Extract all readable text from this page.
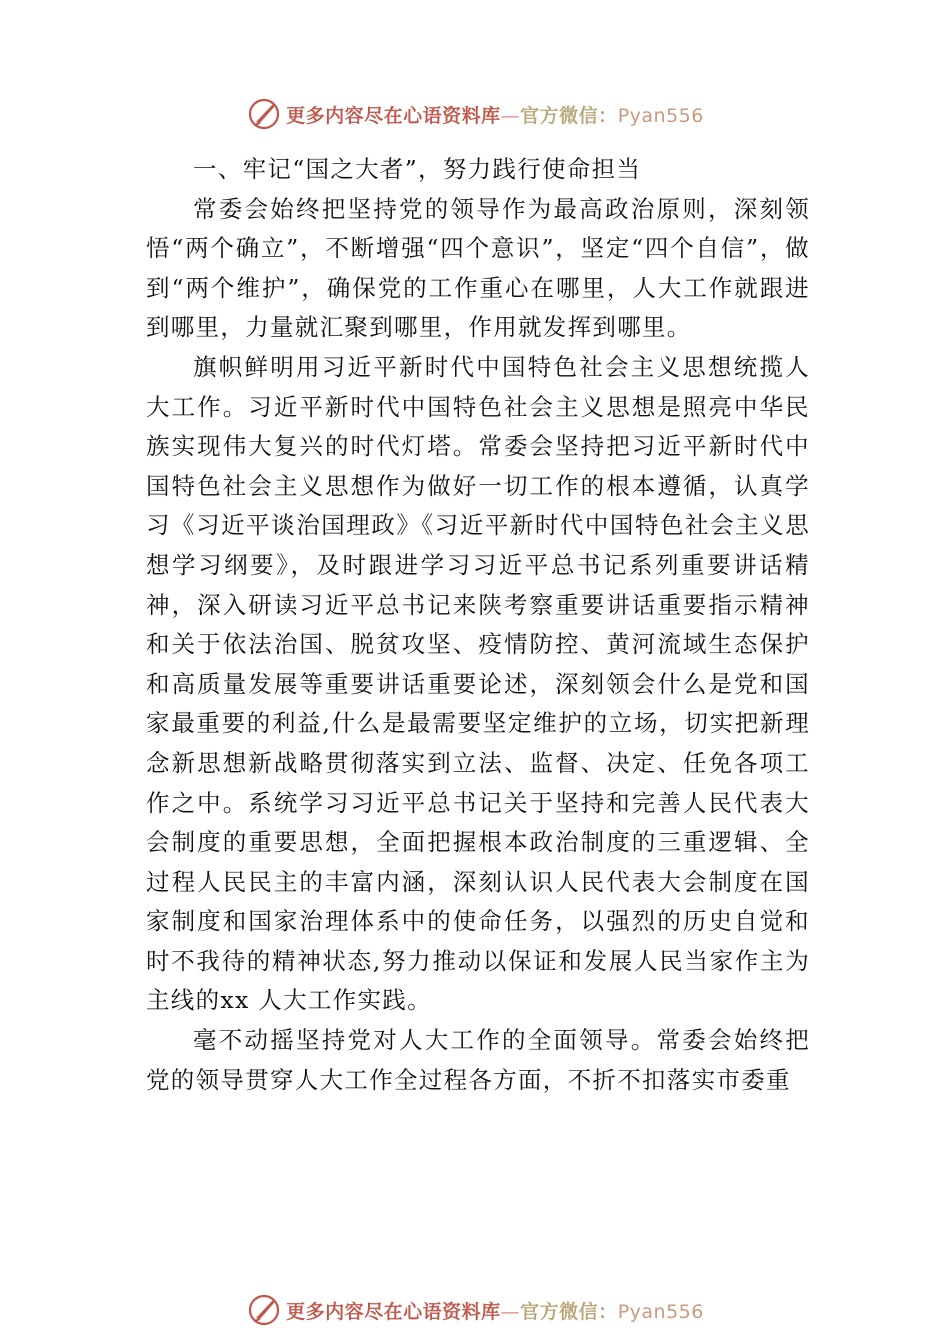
更多内容尽在心语资料库—官方微信：Pyan556

一、牢记“国之大者”，努力践行使命担当

常委会始终把坚持党的领导作为最高政治原则，深刻领悟“两个确立”，不断增强“四个意识”，坚定“四个自信”，做到“两个维护”，确保党的工作重心在哪里，人大工作就跟进到哪里，力量就汇聚到哪里，作用就发挥到哪里。

旗帜鲜明用习近平新时代中国特色社会主义思想统揽人大工作。习近平新时代中国特色社会主义思想是照亮中华民族实现伟大复兴的时代灯塔。常委会坚持把习近平新时代中国特色社会主义思想作为做好一切工作的根本遵循，认真学习《习近平谈治国理政》《习近平新时代中国特色社会主义思想学习纲要》，及时跟进学习习近平总书记系列重要讲话精神，深入研读习近平总书记来陕考察重要讲话重要指示精神和关于依法治国、脱贫攻坚、疫情防控、黄河流域生态保护和高质量发展等重要讲话重要论述，深刻领会什么是党和国家最重要的利益,什么是最需要坚定维护的立场，切实把新理念新思想新战略贯彻落实到立法、监督、决定、任免各项工作之中。系统学习习近平总书记关于坚持和完善人民代表大会制度的重要思想，全面把握根本政治制度的三重逻辑、全过程人民民主的丰富内涵，深刻认识人民代表大会制度在国家制度和国家治理体系中的使命任务，以强烈的历史自觉和时不我待的精神状态,努力推动以保证和发展人民当家作主为主线的xx 人大工作实践。

毫不动摇坚持党对人大工作的全面领导。常委会始终把党的领导贯穿人大工作全过程各方面，不折不扣落实市委重

更多内容尽在心语资料库—官方微信：Pyan556
